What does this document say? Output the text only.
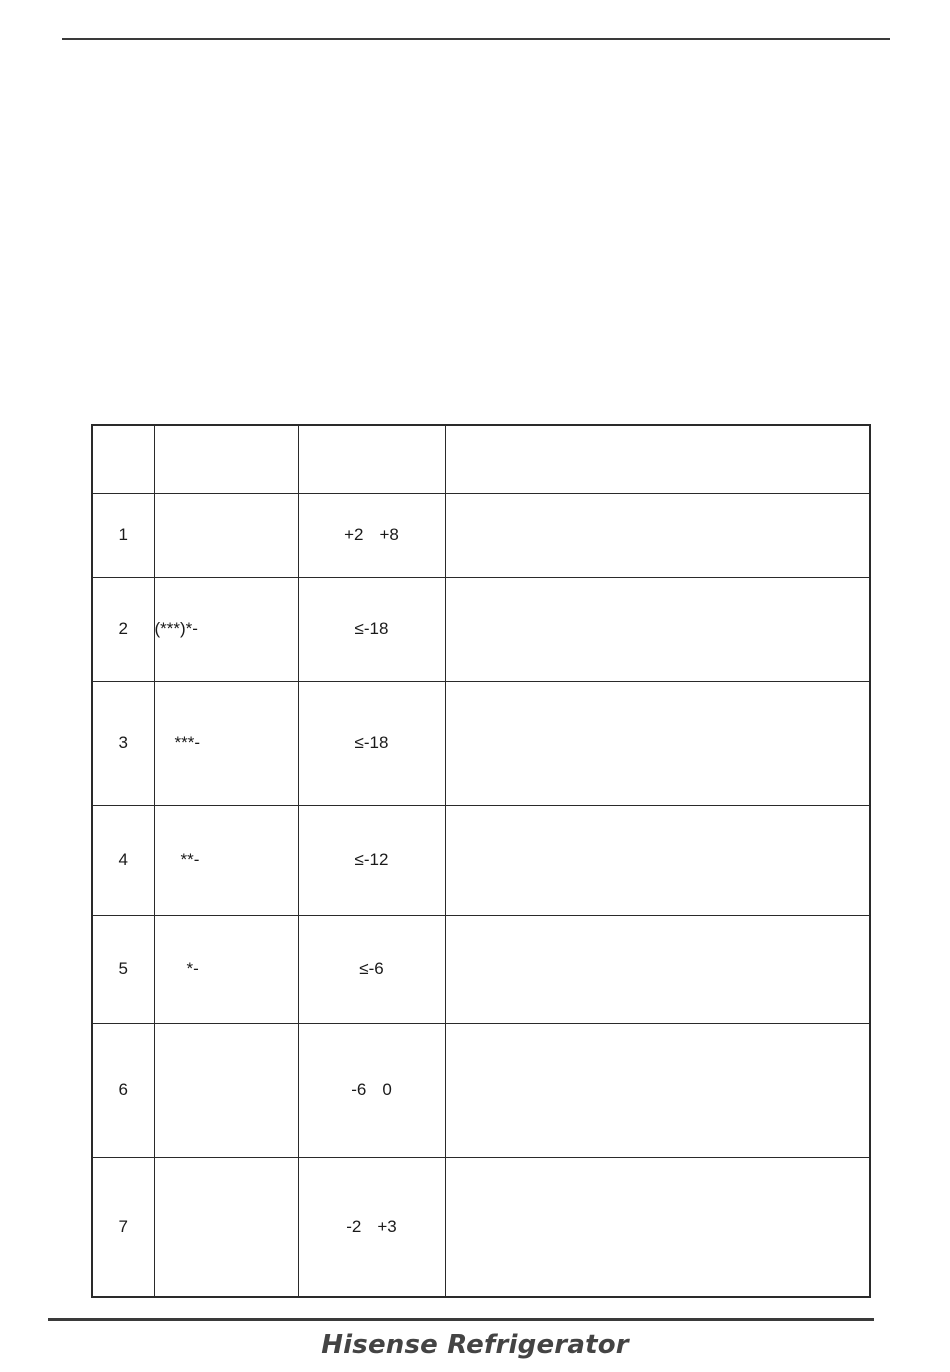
1		+2 +8	
2	(***)*-	≤-18	
3	***-	≤-18	
4	**-	≤-12	
5	*-	≤-6	
6		-6 0	
7		-2 +3	
Hisense Refrigerator
